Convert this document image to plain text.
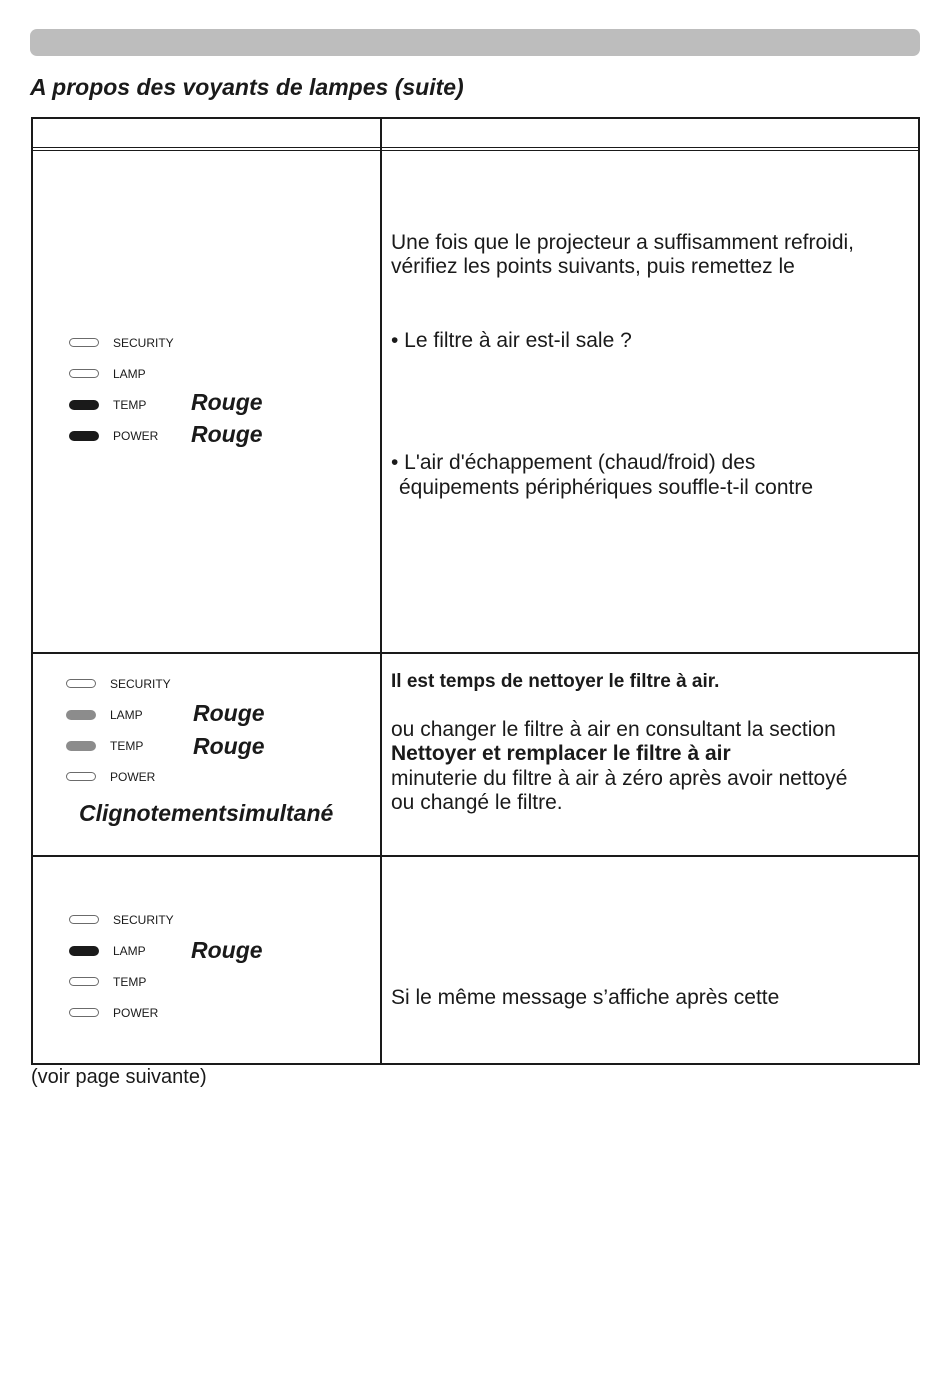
A propos des voyants de lampes (suite)
SECURITY
LAMP
TEMP
POWER
Rouge
Rouge
Une fois que le projecteur a suffisamment refroidi,
vérifiez les points suivants, puis remettez le
• Le filtre à air est-il sale ?
• L'air d'échappement (chaud/froid) des
équipements périphériques souffle-t-il contre
SECURITY
LAMP
TEMP
POWER
Rouge
Rouge
Clignotementsimultané
Il est temps de nettoyer le filtre à air.
ou changer le filtre à air en consultant la section
Nettoyer et remplacer le filtre à air
minuterie du filtre à air à zéro après avoir nettoyé
ou changé le filtre.
SECURITY
LAMP
TEMP
POWER
Rouge
Si le même message s’affiche après cette
(voir page suivante)
